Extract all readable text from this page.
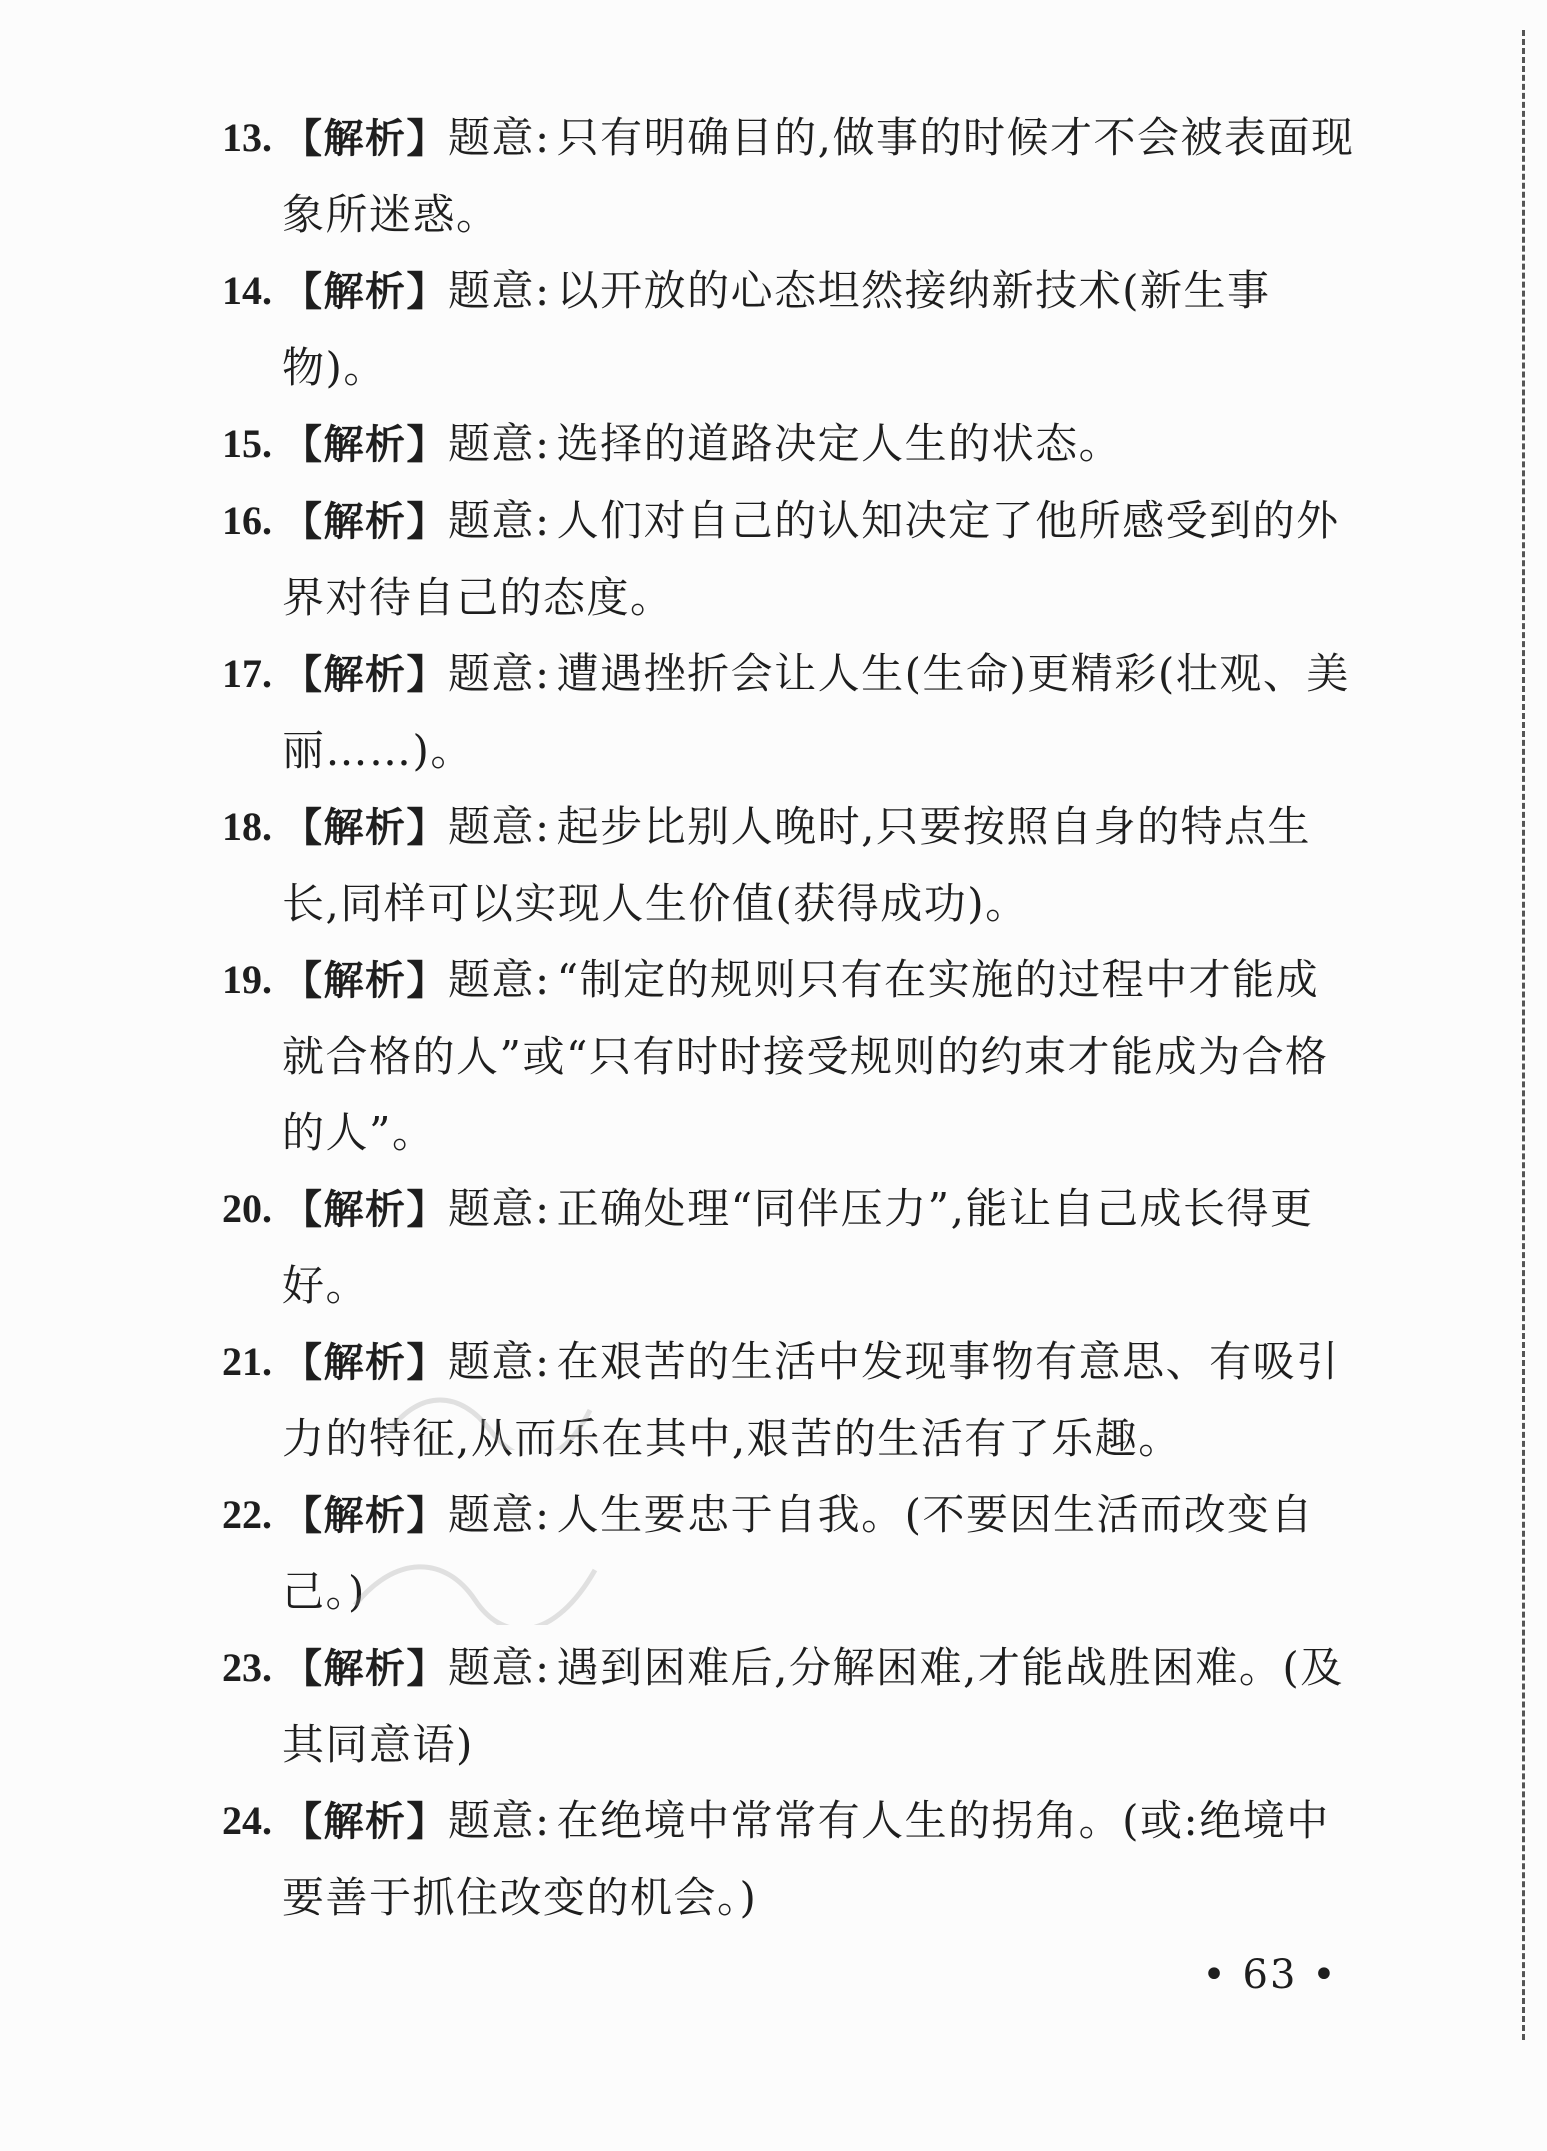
13. 【解析】题意: 只有明确目的,做事的时候才不会被表面现象所迷惑。
14. 【解析】题意: 以开放的心态坦然接纳新技术(新生事物)。
15. 【解析】题意: 选择的道路决定人生的状态。
16. 【解析】题意: 人们对自己的认知决定了他所感受到的外界对待自己的态度。
17. 【解析】题意: 遭遇挫折会让人生(生命)更精彩(壮观、美丽……)。
18. 【解析】题意: 起步比别人晚时,只要按照自身的特点生长,同样可以实现人生价值(获得成功)。
19. 【解析】题意: “制定的规则只有在实施的过程中才能成就合格的人”或“只有时时接受规则的约束才能成为合格的人”。
20. 【解析】题意: 正确处理“同伴压力”,能让自己成长得更好。
21. 【解析】题意: 在艰苦的生活中发现事物有意思、有吸引力的特征,从而乐在其中,艰苦的生活有了乐趣。
22. 【解析】题意: 人生要忠于自我。(不要因生活而改变自己。)
23. 【解析】题意: 遇到困难后,分解困难,才能战胜困难。(及其同意语)
24. 【解析】题意: 在绝境中常常有人生的拐角。(或:绝境中要善于抓住改变的机会。)
• 63 •
